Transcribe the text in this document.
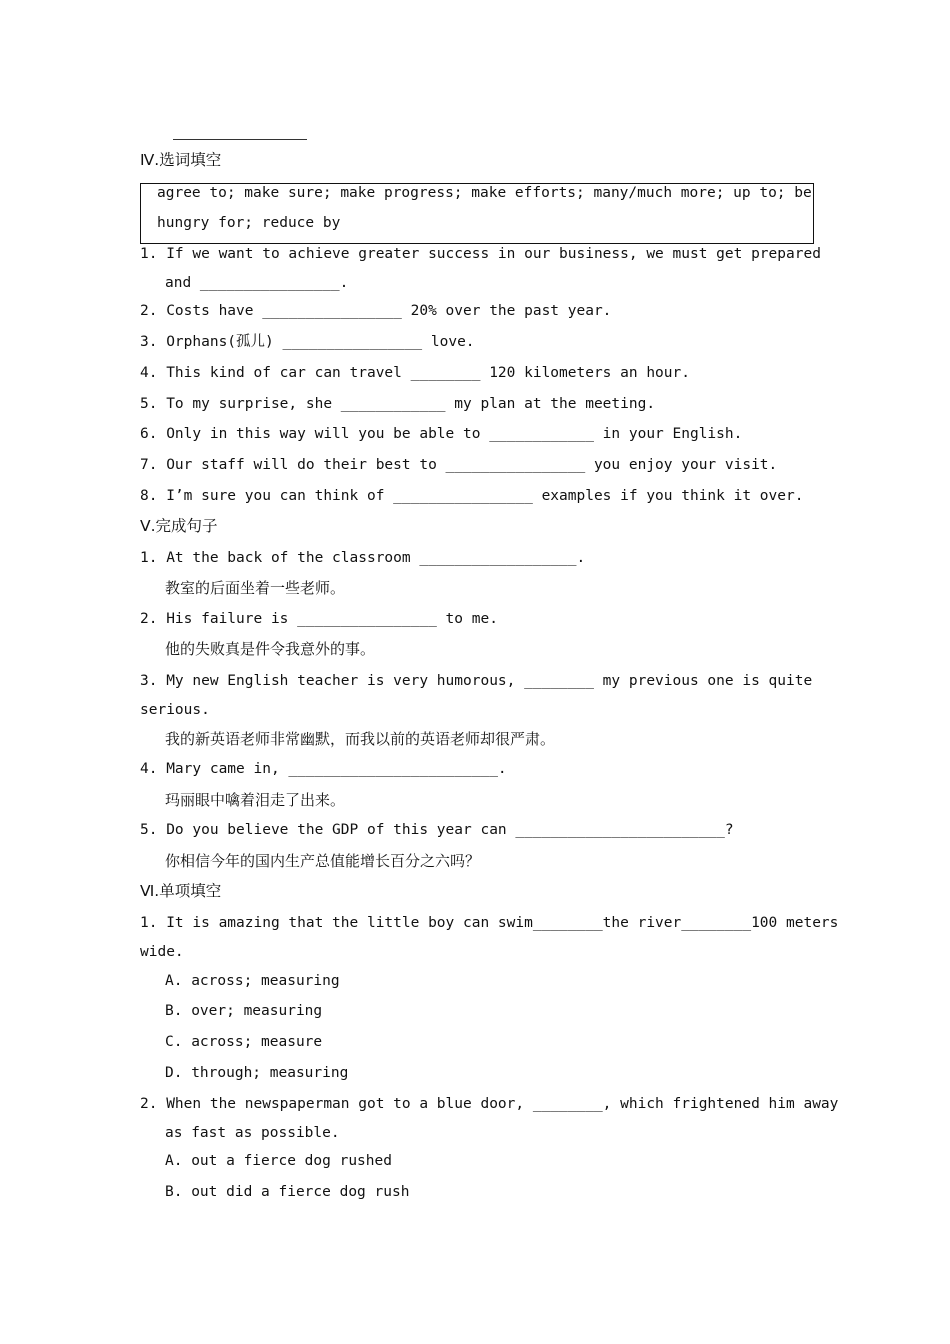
Ⅳ.选词填空
agree to; make sure; make progress; make efforts; many/much more; up to; be
hungry for; reduce by
1. If we want to achieve greater success in our business, we must get prepared
and ________________.
2. Costs have ________________ 20% over the past year.
3. Orphans(孤儿) ________________ love.
4. This kind of car can travel ________ 120 kilometers an hour.
5. To my surprise, she ____________ my plan at the meeting.
6. Only in this way will you be able to ____________ in your English.
7. Our staff will do their best to ________________ you enjoy your visit.
8. I’m sure you can think of ________________ examples if you think it over.
Ⅴ.完成句子
1. At the back of the classroom __________________.
教室的后面坐着一些老师。
2. His failure is ________________ to me.
他的失败真是件令我意外的事。
3. My new English teacher is very humorous, ________ my previous one is quite
serious.
我的新英语老师非常幽默，而我以前的英语老师却很严肃。
4. Mary came in, ________________________.
玛丽眼中噙着泪走了出来。
5. Do you believe the GDP of this year can ________________________?
你相信今年的国内生产总值能增长百分之六吗？
Ⅵ.单项填空
1. It is amazing that the little boy can swim________the river________100 meters
wide.
A. across; measuring
B. over; measuring
C. across; measure
D. through; measuring
2. When the newspaperman got to a blue door, ________, which frightened him away
as fast as possible.
A. out a fierce dog rushed
B. out did a fierce dog rush
